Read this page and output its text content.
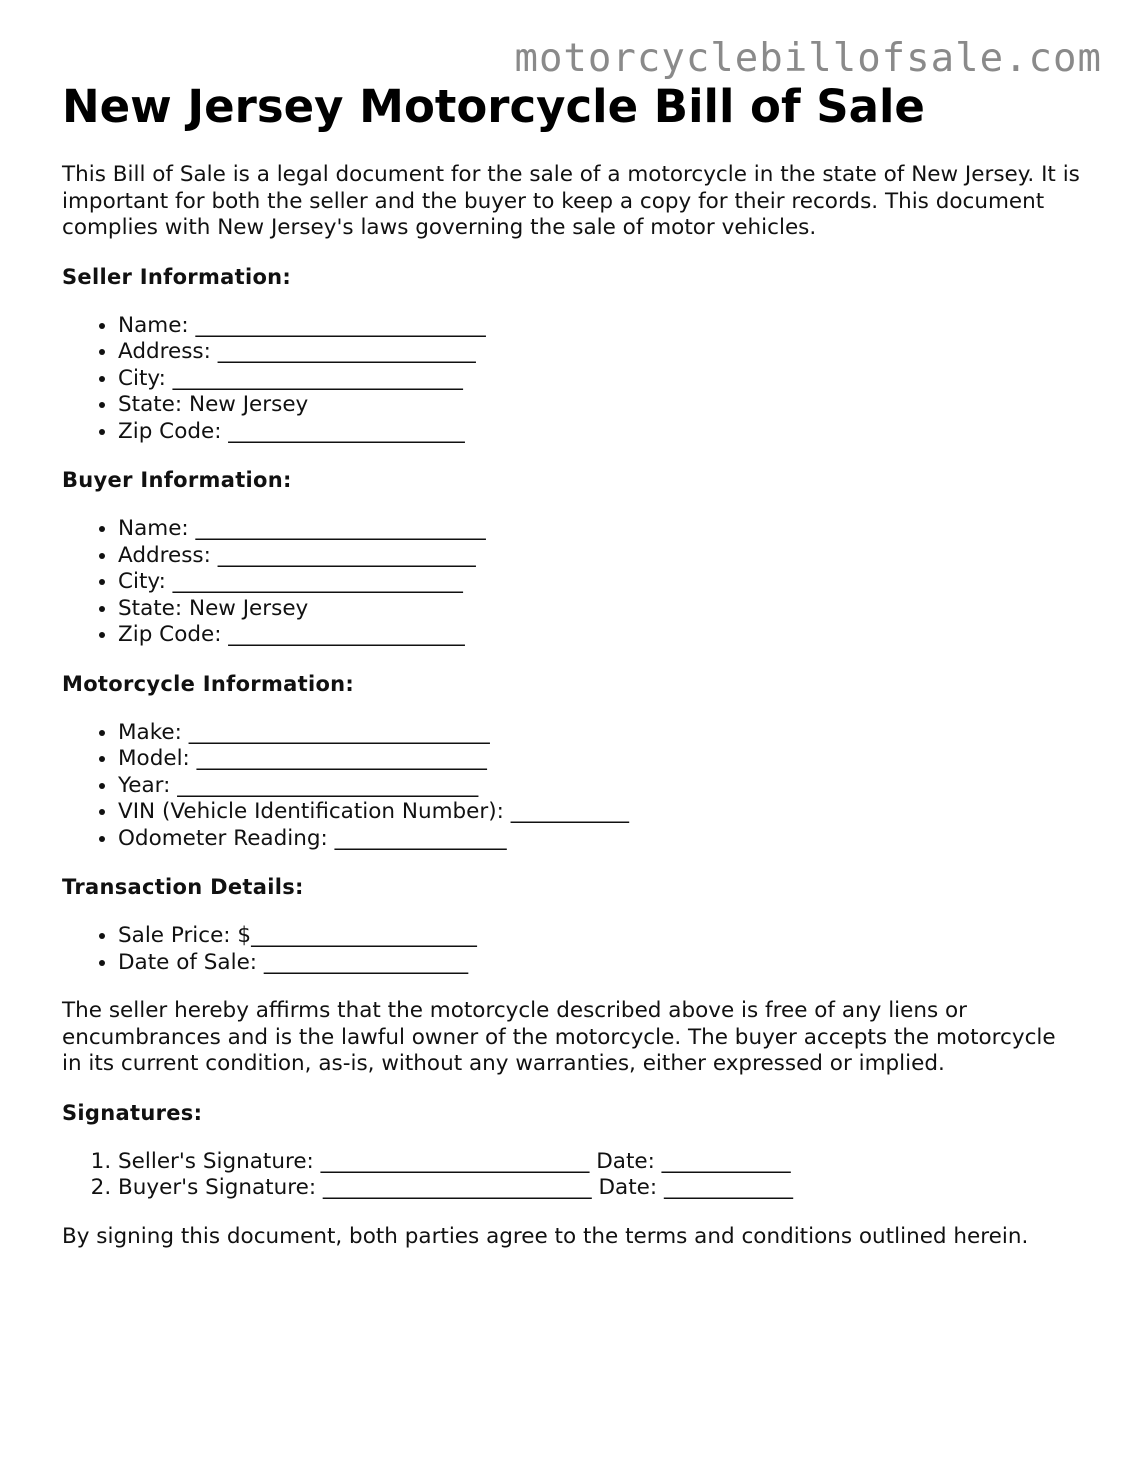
motorcyclebillofsale.com
New Jersey Motorcycle Bill of Sale

This Bill of Sale is a legal document for the sale of a motorcycle in the state of New Jersey. It is important for both the seller and the buyer to keep a copy for their records. This document complies with New Jersey's laws governing the sale of motor vehicles.

Seller Information:
• Name: ___________________________
• Address: ________________________
• City: ___________________________
• State: New Jersey
• Zip Code: ______________________
Buyer Information:
• Name: ___________________________
• Address: ________________________
• City: ___________________________
• State: New Jersey
• Zip Code: ______________________
Motorcycle Information:
• Make: ____________________________
• Model: ___________________________
• Year: ____________________________
• VIN (Vehicle Identification Number): ___________
• Odometer Reading: ________________
Transaction Details:
• Sale Price: $_____________________
• Date of Sale: ___________________

The seller hereby affirms that the motorcycle described above is free of any liens or encumbrances and is the lawful owner of the motorcycle. The buyer accepts the motorcycle in its current condition, as-is, without any warranties, either expressed or implied.

Signatures:
1. Seller's Signature: _________________________ Date: ____________
2. Buyer's Signature: _________________________ Date: ____________

By signing this document, both parties agree to the terms and conditions outlined herein.
